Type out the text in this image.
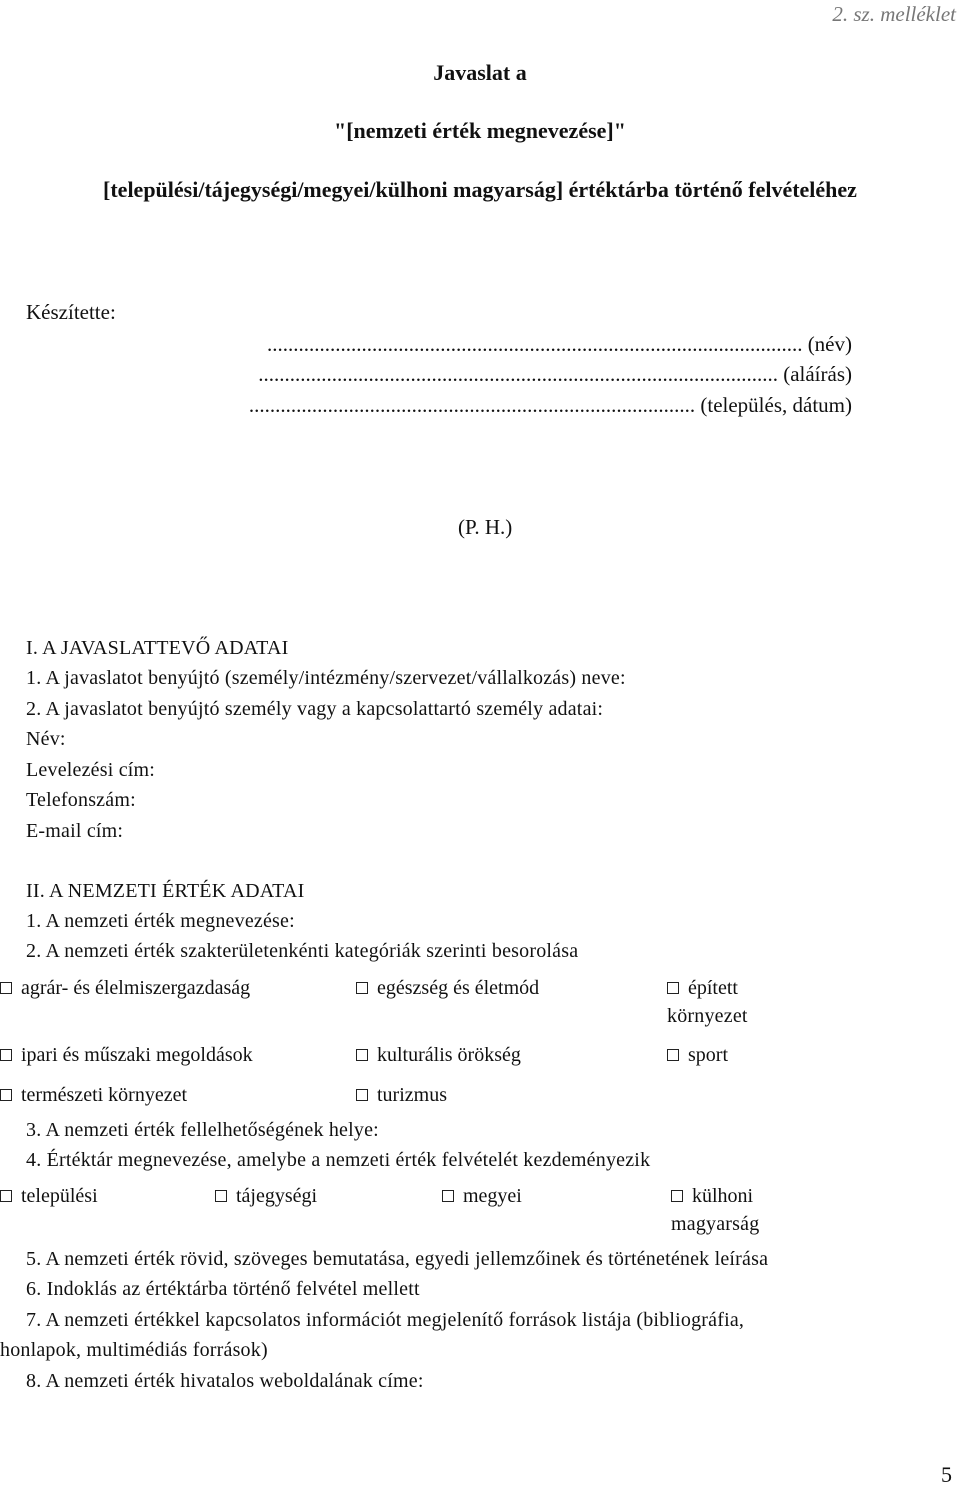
2. sz. melléklet
Javaslat a
"[nemzeti érték megnevezése]"
[települési/tájegységi/megyei/külhoni magyarság] értéktárba történő felvételéhez
Készítette:
...................................................................................................... (név)
................................................................................................... (aláírás)
..................................................................................... (település, dátum)
(P. H.)
I. A JAVASLATTEVŐ ADATAI
1. A javaslatot benyújtó (személy/intézmény/szervezet/vállalkozás) neve:
2. A javaslatot benyújtó személy vagy a kapcsolattartó személy adatai:
Név:
Levelezési cím:
Telefonszám:
E-mail cím:
II. A NEMZETI ÉRTÉK ADATAI
1. A nemzeti érték megnevezése:
2. A nemzeti érték szakterületenkénti kategóriák szerinti besorolása
agrár- és élelmiszergazdaság	egészség és életmód	épített
környezet
ipari és műszaki megoldások	kulturális örökség	sport
természeti környezet	turizmus
3. A nemzeti érték fellelhetőségének helye:
4. Értéktár megnevezése, amelybe a nemzeti érték felvételét kezdeményezik
települési	tájegységi	megyei	külhoni
magyarság
5. A nemzeti érték rövid, szöveges bemutatása, egyedi jellemzőinek és történetének leírása
6. Indoklás az értéktárba történő felvétel mellett
7. A nemzeti értékkel kapcsolatos információt megjelenítő források listája (bibliográfia,
honlapok, multimédiás források)
8. A nemzeti érték hivatalos weboldalának címe:
5
